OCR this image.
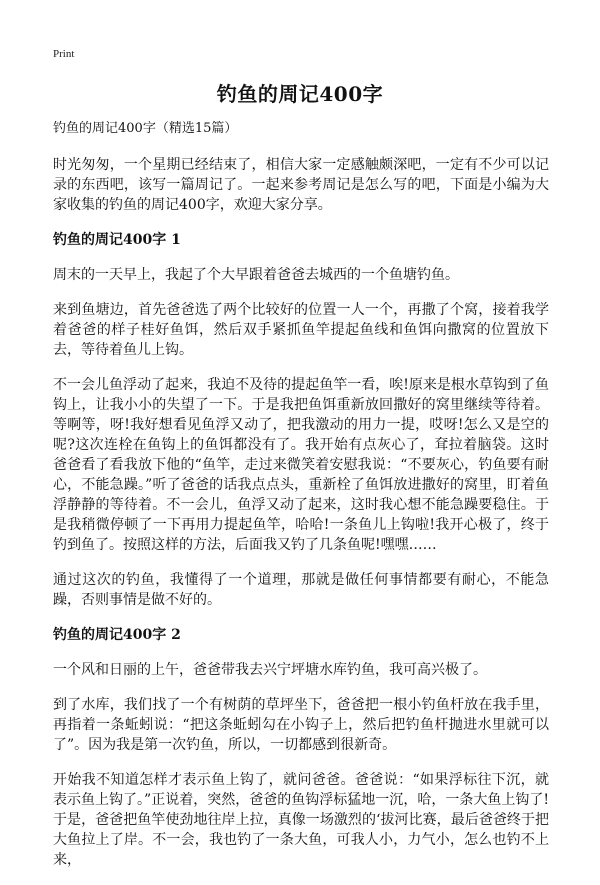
Print
钓鱼的周记400字

钓鱼的周记400字（精选15篇）

时光匆匆，一个星期已经结束了，相信大家一定感触颇深吧，一定有不少可以记录的东西吧，该写一篇周记了。一起来参考周记是怎么写的吧，下面是小编为大家收集的钓鱼的周记400字，欢迎大家分享。

钓鱼的周记400字 1

周末的一天早上，我起了个大早跟着爸爸去城西的一个鱼塘钓鱼。

来到鱼塘边，首先爸爸选了两个比较好的位置一人一个，再撒了个窝，接着我学着爸爸的样子桂好鱼饵，然后双手紧抓鱼竿提起鱼线和鱼饵向撒窝的位置放下去，等待着鱼儿上钩。

不一会儿鱼浮动了起来，我迫不及待的提起鱼竿一看，唉!原来是根水草钩到了鱼钩上，让我小小的失望了一下。于是我把鱼饵重新放回撒好的窝里继续等待着。等啊等，呀!我好想看见鱼浮又动了，把我激动的用力一提，哎呀!怎么又是空的呢?这次连栓在鱼钩上的鱼饵都没有了。我开始有点灰心了，耷拉着脑袋。这时爸爸看了看我放下他的“鱼竿，走过来微笑着安慰我说：“不要灰心，钓鱼要有耐心，不能急躁。”听了爸爸的话我点点头，重新栓了鱼饵放进撒好的窝里，盯着鱼浮静静的等待着。不一会儿，鱼浮又动了起来，这时我心想不能急躁要稳住。于是我稍微停顿了一下再用力提起鱼竿，哈哈!一条鱼儿上钩啦!我开心极了，终于钓到鱼了。按照这样的方法，后面我又钓了几条鱼呢!嘿嘿……

通过这次的钓鱼，我懂得了一个道理，那就是做任何事情都要有耐心，不能急躁，否则事情是做不好的。

钓鱼的周记400字 2

一个风和日丽的上午，爸爸带我去兴宁坪塘水库钓鱼，我可高兴极了。

到了水库，我们找了一个有树荫的草坪坐下，爸爸把一根小钓鱼杆放在我手里，再指着一条蚯蚓说：“把这条蚯蚓勾在小钩子上，然后把钓鱼杆抛进水里就可以了”。因为我是第一次钓鱼，所以，一切都感到很新奇。

开始我不知道怎样才表示鱼上钩了，就问爸爸。爸爸说：“如果浮标往下沉，就表示鱼上钩了。”正说着，突然，爸爸的鱼钩浮标猛地一沉，哈，一条大鱼上钩了!于是，爸爸把鱼竿使劲地往岸上拉，真像一场激烈的‘拔河比赛，最后爸爸终于把大鱼拉上了岸。不一会，我也钓了一条大鱼，可我人小，力气小，怎么也钓不上来，
